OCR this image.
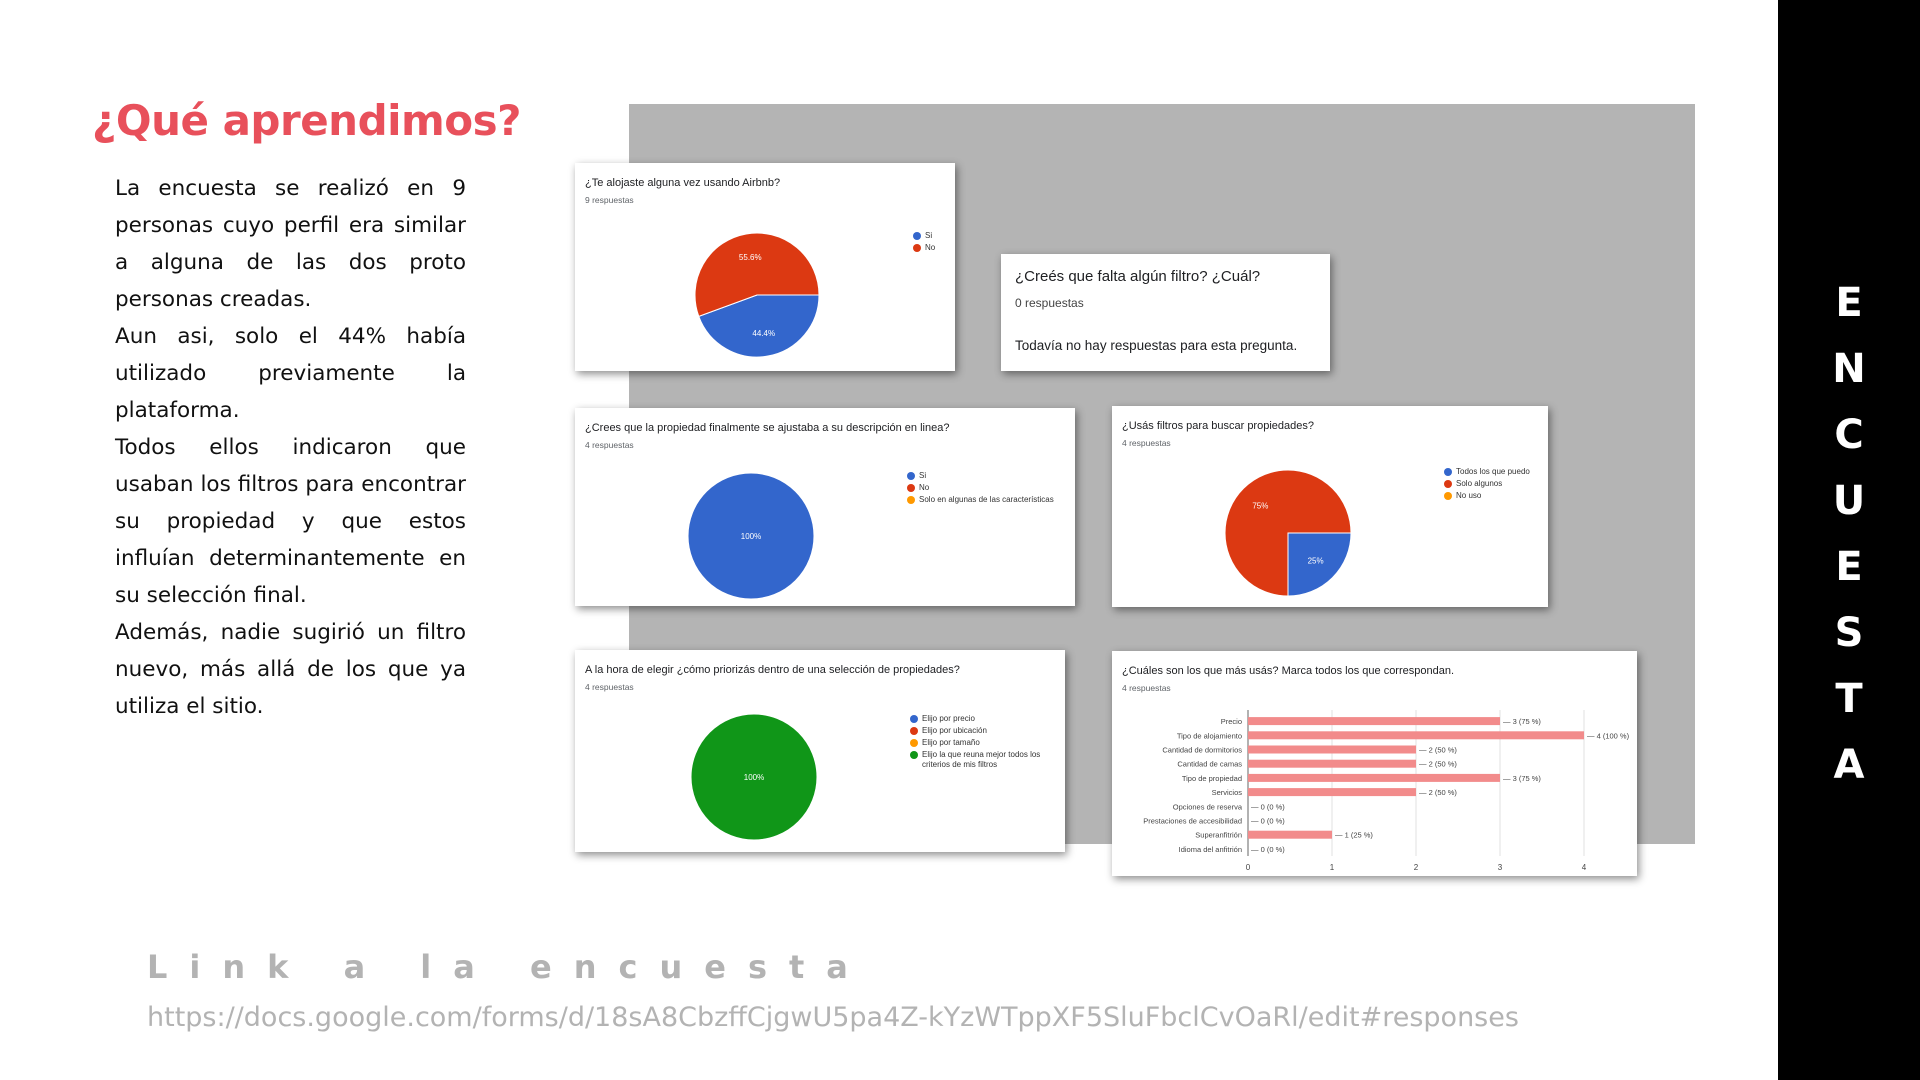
¿Qué aprendimos?

La encuesta se realizó en 9 personas cuyo perfil era similar a alguna de las dos proto personas creadas.

Aun asi, solo el 44% había utilizado previamente la plataforma.

Todos ellos indicaron que usaban los filtros para encontrar su propiedad y que estos influían determinantemente en su selección final.

Además, nadie sugirió un filtro nuevo, más allá de los que ya utiliza el sitio.

¿Te alojaste alguna vez usando Airbnb?
9 respuestas
44.4%
55.6%
Si
No
¿Creés que falta algún filtro? ¿Cuál?
0 respuestas
Todavía no hay respuestas para esta pregunta.
¿Crees que la propiedad finalmente se ajustaba a su descripción en linea?
4 respuestas
100%
Si
No
Solo en algunas de las características
¿Usás filtros para buscar propiedades?
4 respuestas
25%
75%
Todos los que puedo
Solo algunos
No uso
A la hora de elegir ¿cómo priorizás dentro de una selección de propiedades?
4 respuestas
100%
Elijo por precio
Elijo por ubicación
Elijo por tamaño
Elijo la que reuna mejor todos los criterios de mis filtros
¿Cuáles son los que más usás? Marca todos los que correspondan.
4 respuestas
0	1	2	3	4
Precio	— 3 (75 %)
Tipo de alojamiento	— 4 (100 %)
Cantidad de dormitorios	— 2 (50 %)
Cantidad de camas	— 2 (50 %)
Tipo de propiedad	— 3 (75 %)
Servicios	— 2 (50 %)
Opciones de reserva — 0 (0 %)
Prestaciones de accesibilidad — 0 (0 %)
Superanfitrión	— 1 (25 %)
Idioma del anfitrión — 0 (0 %)
Link a la encuesta
https://docs.google.com/forms/d/18sA8CbzffCjgwU5pa4Z-kYzWTppXF5SluFbclCvOaRl/edit#responses
E
N
C
U
E
S
T
A
